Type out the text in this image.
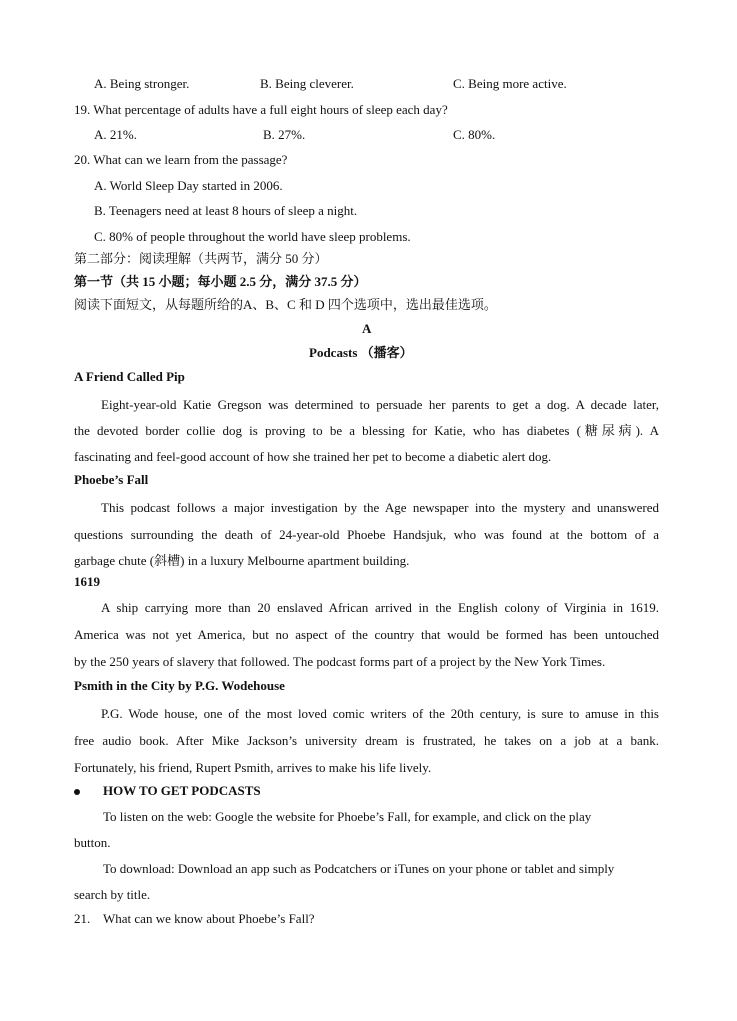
A. Being stronger.	B. Being cleverer.	C. Being more active.
19. What percentage of adults have a full eight hours of sleep each day?
A. 21%.	B. 27%.	C. 80%.
20. What can we learn from the passage?
A. World Sleep Day started in 2006.
B. Teenagers need at least 8 hours of sleep a night.
C. 80% of people throughout the world have sleep problems.
第二部分：阅读理解（共两节，满分 50 分）
第一节（共 15 小题；每小题 2.5 分，满分 37.5 分）
阅读下面短文，从每题所给的A、B、C 和 D 四个选项中，选出最佳选项。
A
Podcasts （播客）
A Friend Called Pip
Eight-year-old Katie Gregson was determined to persuade her parents to get a dog. A decade later,
the devoted border collie dog is proving to be a blessing for Katie, who has diabetes (糖尿病). A
fascinating and feel-good account of how she trained her pet to become a diabetic alert dog.
Phoebe’s Fall
This podcast follows a major investigation by the Age newspaper into the mystery and unanswered
questions surrounding the death of 24-year-old Phoebe Handsjuk, who was found at the bottom of a
garbage chute (斜槽) in a luxury Melbourne apartment building.
1619
A ship carrying more than 20 enslaved African arrived in the English colony of Virginia in 1619.
America was not yet America, but no aspect of the country that would be formed has been untouched
by the 250 years of slavery that followed. The podcast forms part of a project by the New York Times.
Psmith in the City by P.G. Wodehouse
P.G. Wode house, one of the most loved comic writers of the 20th century, is sure to amuse in this
free audio book. After Mike Jackson’s university dream is frustrated, he takes on a job at a bank.
Fortunately, his friend, Rupert Psmith, arrives to make his life lively.
HOW TO GET PODCASTS
To listen on the web: Google the website for Phoebe’s Fall, for example, and click on the play
button.
To download: Download an app such as Podcatchers or iTunes on your phone or tablet and simply
search by title.
21.    What can we know about Phoebe’s Fall?
